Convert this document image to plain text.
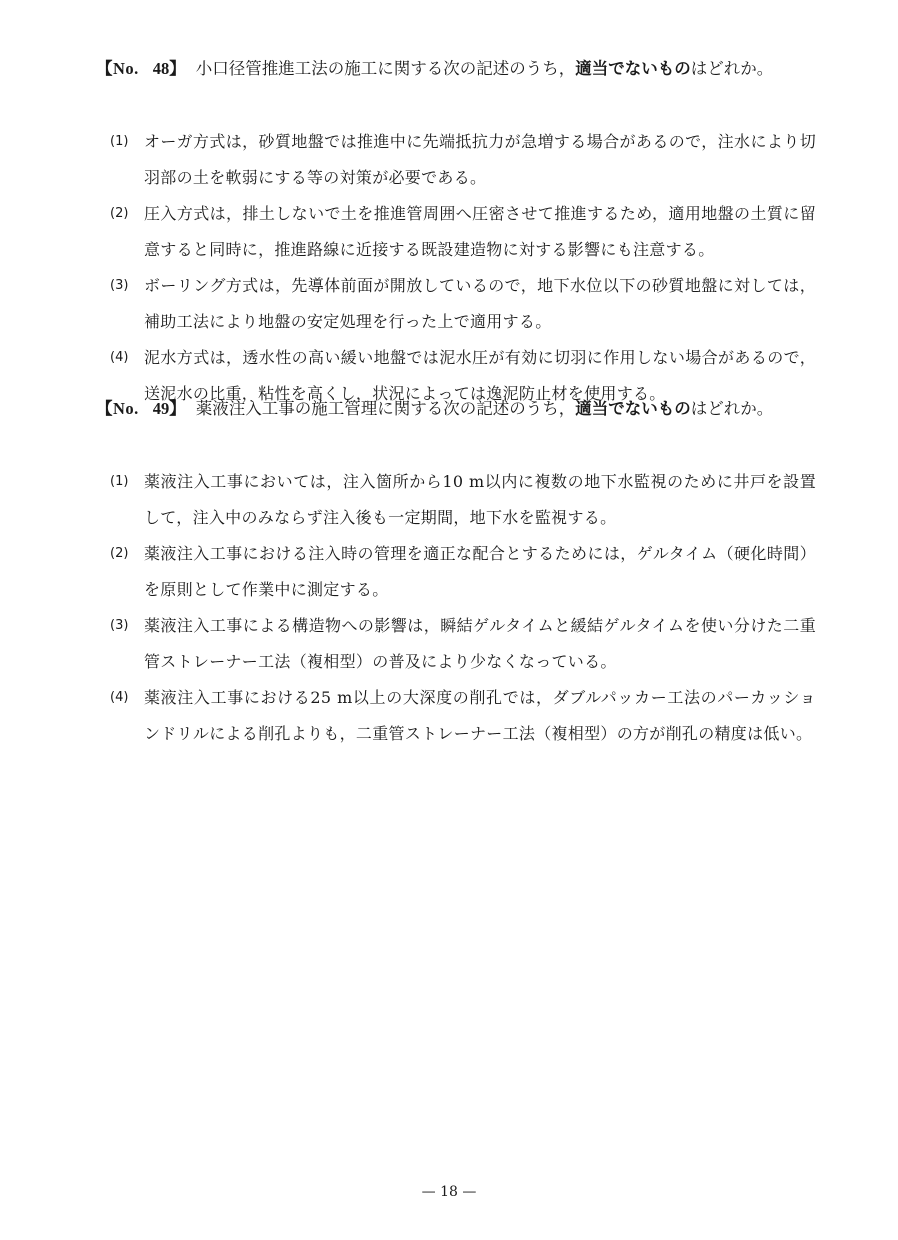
【No. 48】 小口径管推進工法の施工に関する次の記述のうち，適当でないものはどれか。
(1) オーガ方式は，砂質地盤では推進中に先端抵抗力が急増する場合があるので，注水により切羽部の土を軟弱にする等の対策が必要である。
(2) 圧入方式は，排土しないで土を推進管周囲へ圧密させて推進するため，適用地盤の土質に留意すると同時に，推進路線に近接する既設建造物に対する影響にも注意する。
(3) ボーリング方式は，先導体前面が開放しているので，地下水位以下の砂質地盤に対しては，補助工法により地盤の安定処理を行った上で適用する。
(4) 泥水方式は，透水性の高い緩い地盤では泥水圧が有効に切羽に作用しない場合があるので，送泥水の比重，粘性を高くし，状況によっては逸泥防止材を使用する。
【No. 49】 薬液注入工事の施工管理に関する次の記述のうち，適当でないものはどれか。
(1) 薬液注入工事においては，注入箇所から10 m以内に複数の地下水監視のために井戸を設置して，注入中のみならず注入後も一定期間，地下水を監視する。
(2) 薬液注入工事における注入時の管理を適正な配合とするためには，ゲルタイム（硬化時間）を原則として作業中に測定する。
(3) 薬液注入工事による構造物への影響は，瞬結ゲルタイムと緩結ゲルタイムを使い分けた二重管ストレーナー工法（複相型）の普及により少なくなっている。
(4) 薬液注入工事における25 m以上の大深度の削孔では，ダブルパッカー工法のパーカッションドリルによる削孔よりも，二重管ストレーナー工法（複相型）の方が削孔の精度は低い。
— 18 —
